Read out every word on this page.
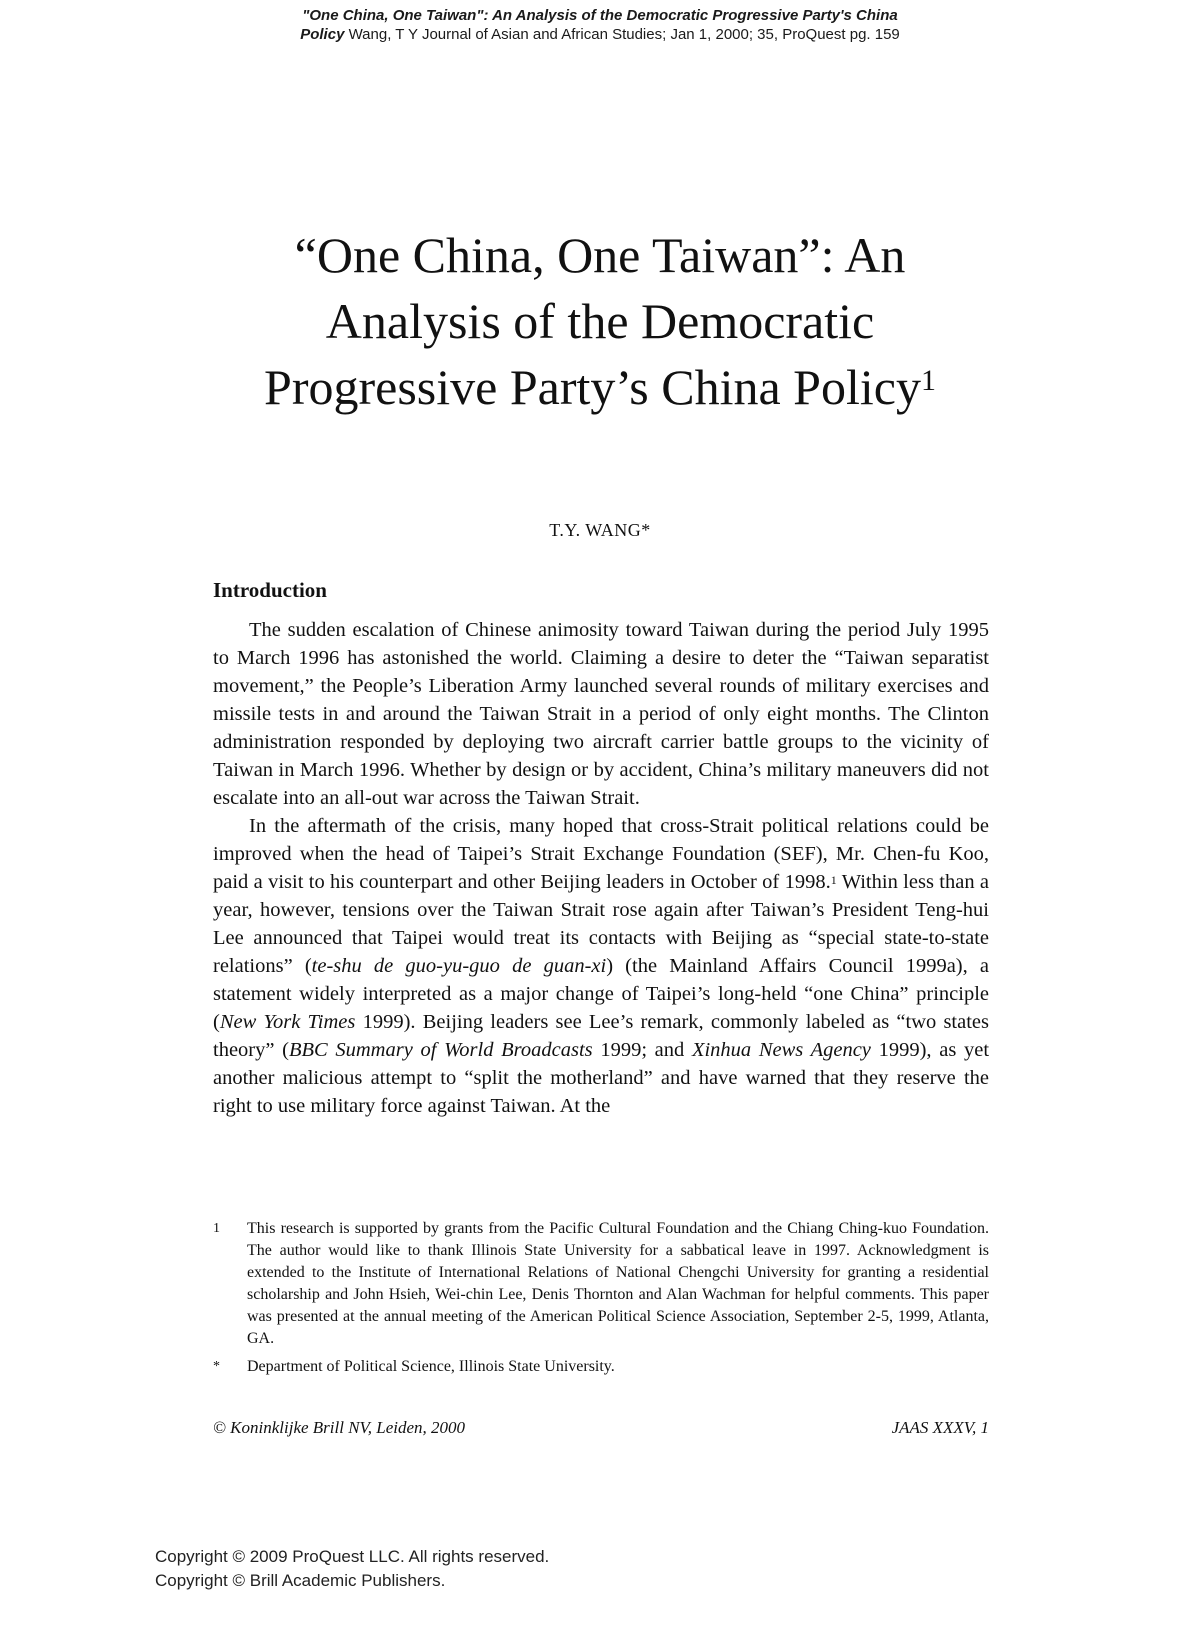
"One China, One Taiwan": An Analysis of the Democratic Progressive Party's China
Policy Wang, T Y Journal of Asian and African Studies; Jan 1, 2000; 35, ProQuest pg. 159
“One China, One Taiwan”: An
Analysis of the Democratic
Progressive Party’s China Policy$^1$
T.Y. WANG*
Introduction

The sudden escalation of Chinese animosity toward Taiwan during the period July 1995 to March 1996 has astonished the world. Claiming a desire to deter the “Taiwan separatist movement,” the People’s Liberation Army launched several rounds of military exercises and missile tests in and around the Taiwan Strait in a period of only eight months. The Clinton administration responded by deploying two aircraft carrier battle groups to the vicinity of Taiwan in March 1996. Whether by design or by accident, China’s military maneuvers did not escalate into an all-out war across the Taiwan Strait.

In the aftermath of the crisis, many hoped that cross-Strait political relations could be improved when the head of Taipei’s Strait Exchange Foundation (SEF), Mr. Chen-fu Koo, paid a visit to his counterpart and other Beijing leaders in October of 1998.$^1$ Within less than a year, however, tensions over the Taiwan Strait rose again after Taiwan’s President Teng-hui Lee announced that Taipei would treat its contacts with Beijing as “special state-to-state relations” (te-shu de guo-yu-guo de guan-xi) (the Mainland Affairs Council 1999a), a statement widely interpreted as a major change of Taipei’s long-held “one China” principle (New York Times 1999). Beijing leaders see Lee’s remark, commonly labeled as “two states theory” (BBC Summary of World Broadcasts 1999; and Xinhua News Agency 1999), as yet another malicious attempt to “split the motherland” and have warned that they reserve the right to use military force against Taiwan. At the

1	This research is supported by grants from the Pacific Cultural Foundation and the Chiang Ching-kuo Foundation. The author would like to thank Illinois State University for a sabbatical leave in 1997. Acknowledgment is extended to the Institute of International Relations of National Chengchi University for granting a residential scholarship and John Hsieh, Wei-chin Lee, Denis Thornton and Alan Wachman for helpful comments. This paper was presented at the annual meeting of the American Political Science Association, September 2-5, 1999, Atlanta, GA.
*	Department of Political Science, Illinois State University.
© Koninklijke Brill NV, Leiden, 2000	JAAS XXXV, 1
Copyright © 2009 ProQuest LLC. All rights reserved.
Copyright © Brill Academic Publishers.
